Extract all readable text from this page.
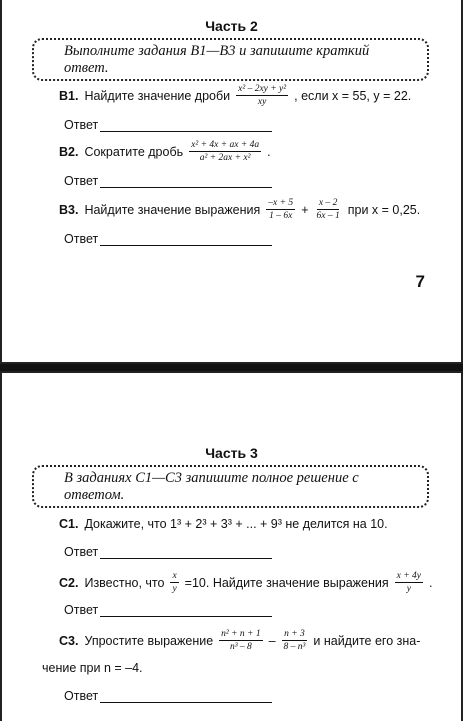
Часть 2
Выполните задания В1—В3 и запишите краткий ответ.
В1. Найдите значение дроби $\frac{\text{x² – 2xy + y²}}{xy}$ , если x = 55, y = 22.
Ответ
В2. Сократите дробь $\frac{\text{x² + 4x + ax + 4a}}{\text{a² + 2ax + x²}}$ .
Ответ
В3. Найдите значение выражения $\frac{-x + 5}{1 - 6x} + \frac{x - 2}{6x - 1}$ при x = 0,25.
Ответ
7
Часть 3
В заданиях С1—С3 запишите полное решение с ответом.
С1. Докажите, что 1³ + 2³ + 3³ + ... + 9³ не делится на 10.
Ответ
С2. Известно, что $\frac{x}{y} =10$. Найдите значение выражения $\frac{x + 4y}{y}$ .
Ответ
С3. Упростите выражение $\frac{\text{n² + n + 1}}{\text{n³ – 8}} - \frac{n + 3}{\text{8 – n³}}$ и найдите его зна-
чение при n = –4.
Ответ
